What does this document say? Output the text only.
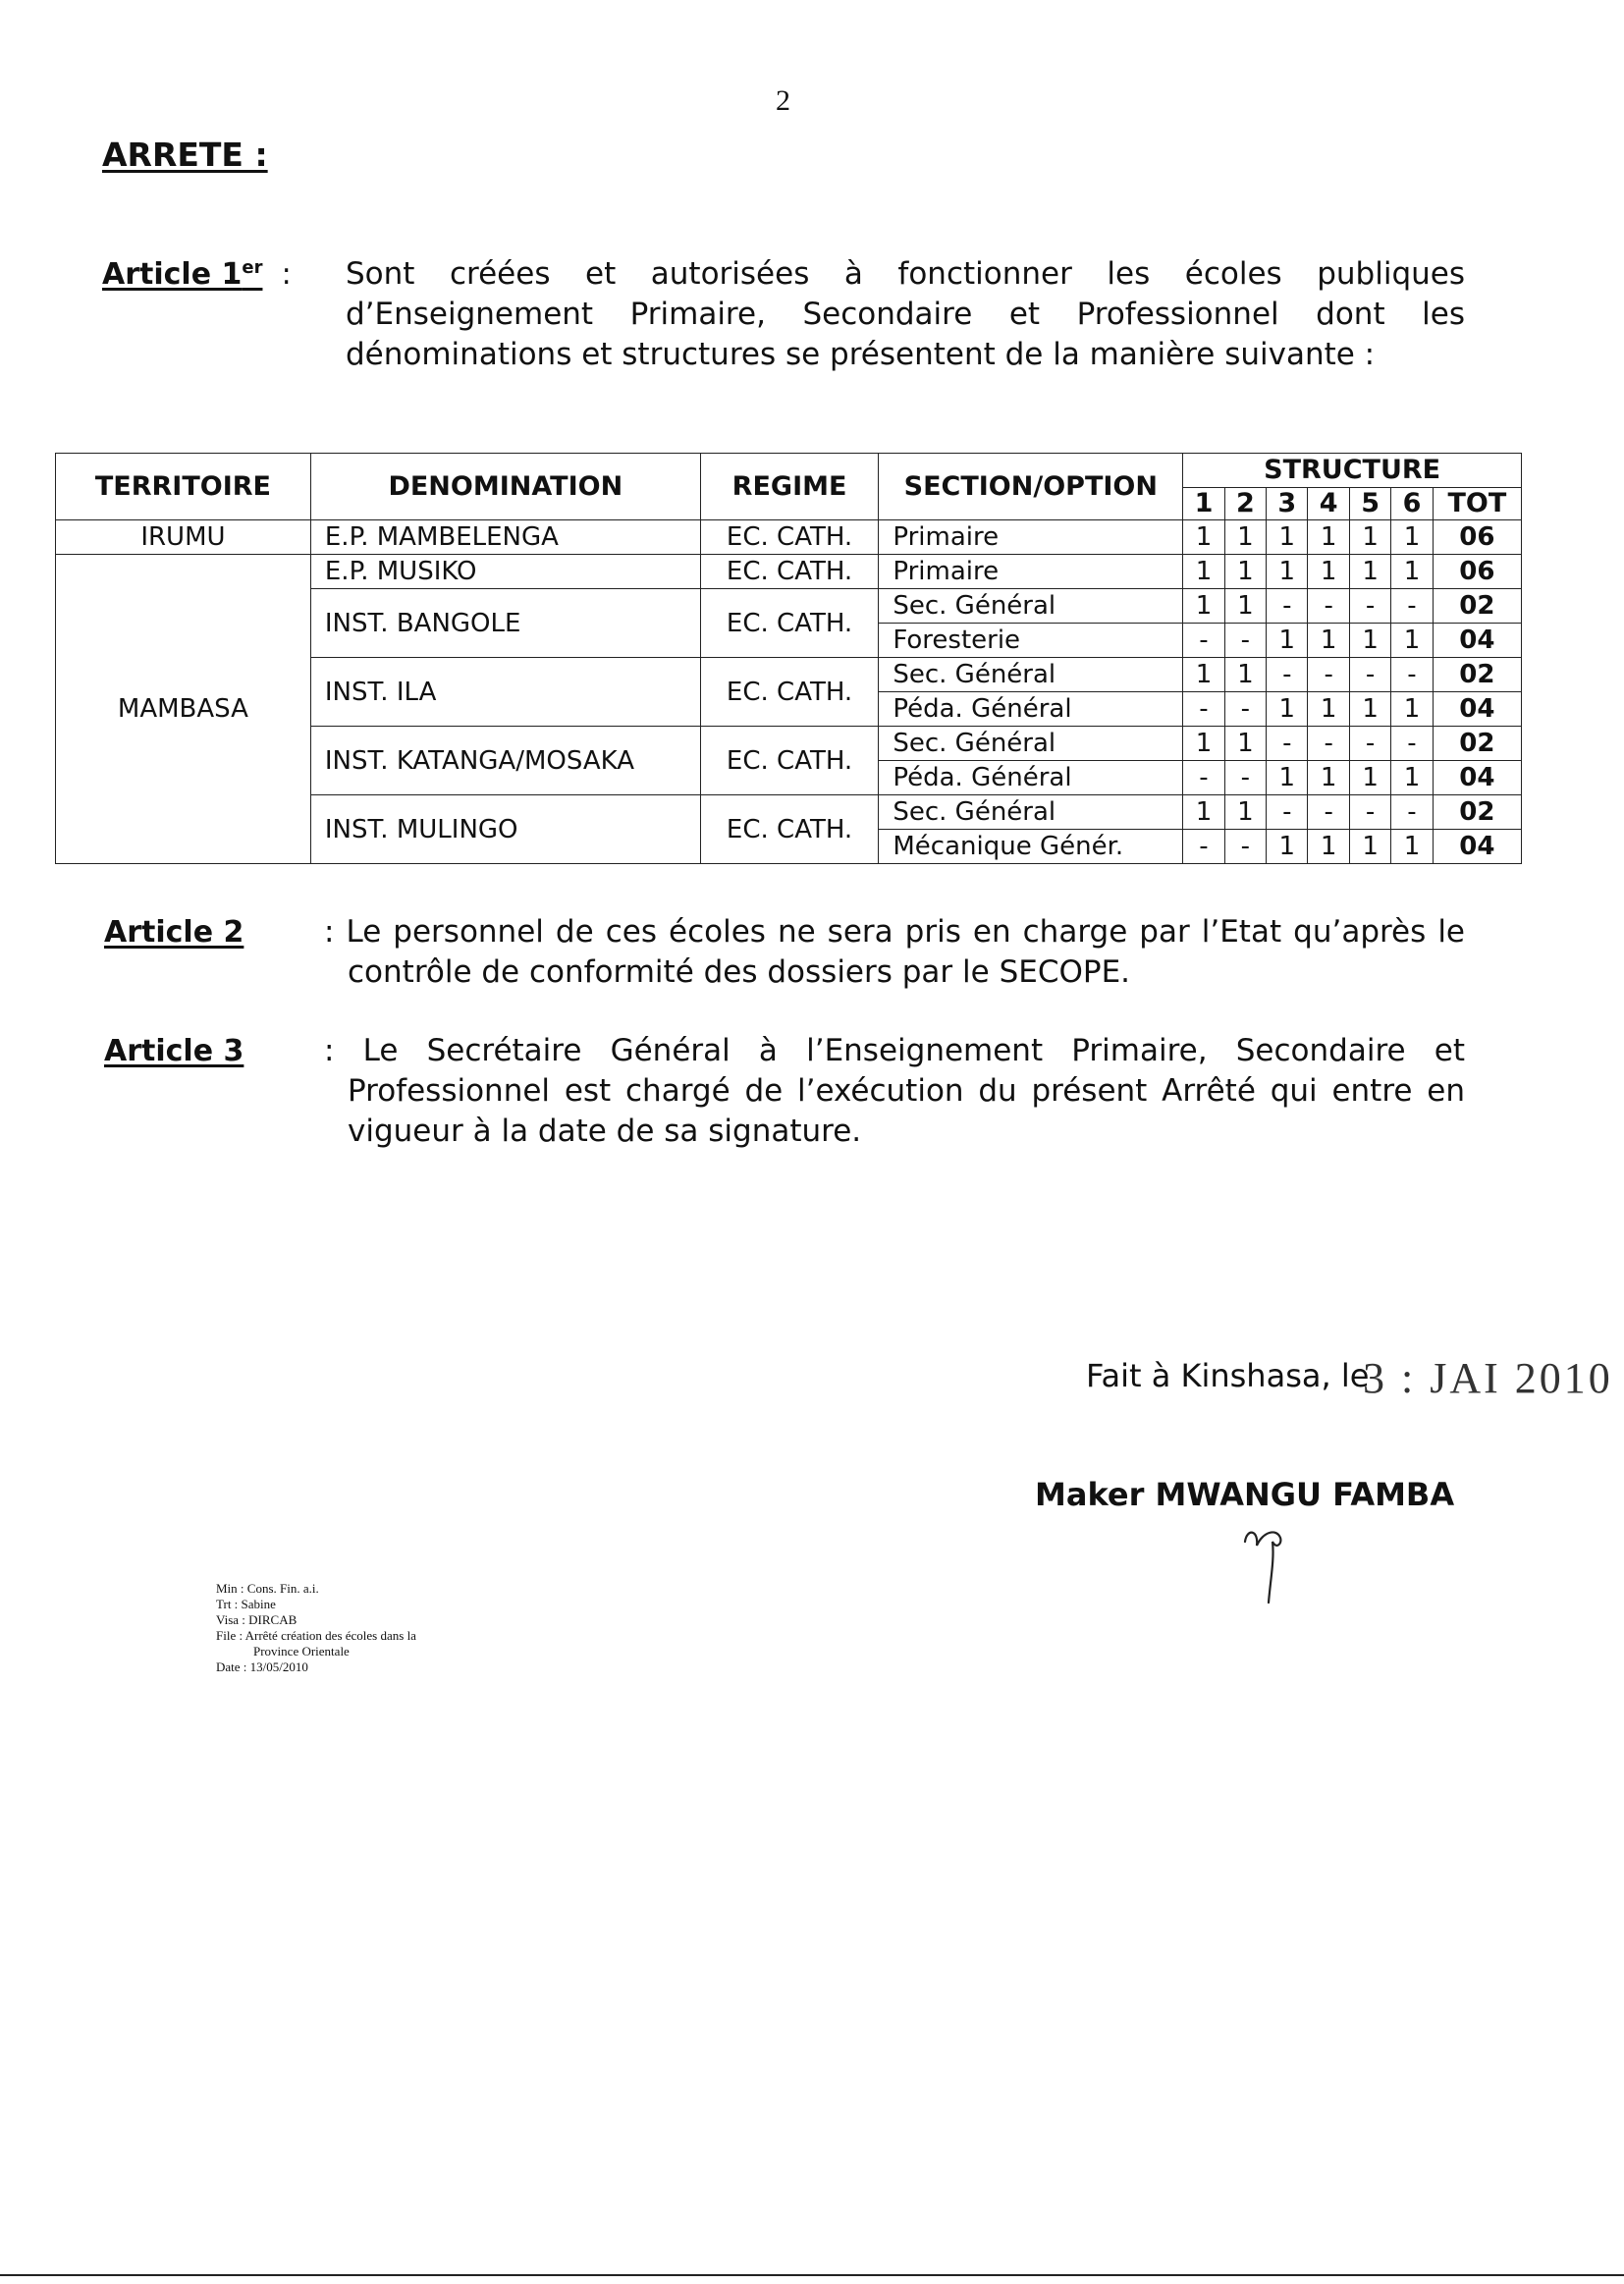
2
ARRETE :
Article 1er : Sont créées et autorisées à fonctionner les écoles publiques
d’Enseignement Primaire, Secondaire et Professionnel dont les
dénominations et structures se présentent de la manière suivante :
TERRITOIRE	DENOMINATION	REGIME	SECTION/OPTION	STRUCTURE						
				1	2	3	4	5	6	TOT
IRUMU	E.P. MAMBELENGA	EC. CATH.	Primaire	1	1	1	1	1	1	06
MAMBASA	E.P. MUSIKO	EC. CATH.	Primaire	1	1	1	1	1	1	06
	INST. BANGOLE	EC. CATH.	Sec. Général	1	1	-	-	-	-	02
			Foresterie	-	-	1	1	1	1	04
	INST. ILA	EC. CATH.	Sec. Général	1	1	-	-	-	-	02
			Péda. Général	-	-	1	1	1	1	04
	INST. KATANGA/MOSAKA	EC. CATH.	Sec. Général	1	1	-	-	-	-	02
			Péda. Général	-	-	1	1	1	1	04
	INST. MULINGO	EC. CATH.	Sec. Général	1	1	-	-	-	-	02
			Mécanique Génér.	-	-	1	1	1	1	04
Article 2	: Le personnel de ces écoles ne sera pris en charge par l’Etat qu’après le
contrôle de conformité des dossiers par le SECOPE.
Article 3	: Le Secrétaire Général à l’Enseignement Primaire, Secondaire et
Professionnel est chargé de l’exécution du présent Arrêté qui entre en
vigueur à la date de sa signature.
Fait à Kinshasa, le
3 : JAI 2010
Maker MWANGU FAMBA
Min : Cons. Fin. a.i.
Trt : Sabine
Visa : DIRCAB
File : Arrêté création des écoles dans la
Province Orientale
Date : 13/05/2010
